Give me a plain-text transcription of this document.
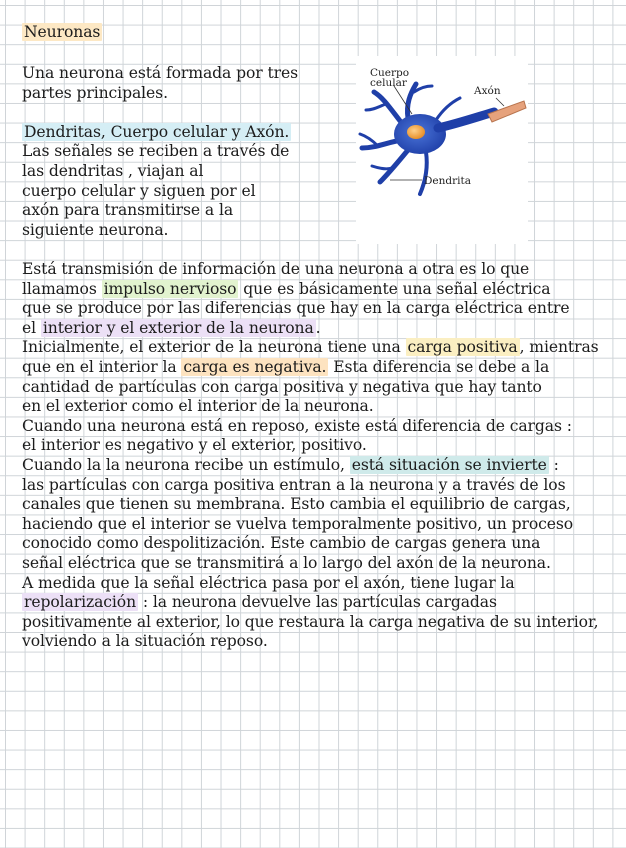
Neuronas
Una neurona está formada por tres
partes principales.
Dendritas, Cuerpo celular y Axón.
Las señales se reciben a través de
las dendritas , viajan al
cuerpo celular y siguen por el
axón para transmitirse a la
siguiente neurona.
Cuerpo
celular
Axón
Dendrita
Está transmisión de información de una neurona a otra es lo que
llamamos impulso nervioso que es básicamente una señal eléctrica
que se produce por las diferencias que hay en la carga eléctrica entre
el interior y el exterior de la neurona .
Inicialmente, el exterior de la neurona tiene una carga positiva , mientras
que en el interior la carga es negativa. Esta diferencia se debe a la
cantidad de partículas con carga positiva y negativa que hay tanto
en el exterior como el interior de la neurona.
Cuando una neurona está en reposo, existe está diferencia de cargas :
el interior es negativo y el exterior, positivo.
Cuando la la neurona recibe un estímulo, está situación se invierte :
las partículas con carga positiva entran a la neurona y a través de los
canales que tienen su membrana. Esto cambia el equilibrio de cargas,
haciendo que el interior se vuelva temporalmente positivo, un proceso
conocido como despolitización. Este cambio de cargas genera una
señal eléctrica que se transmitirá a lo largo del axón de la neurona.
A medida que la señal eléctrica pasa por el axón, tiene lugar la
repolarización : la neurona devuelve las partículas cargadas
positivamente al exterior, lo que restaura la carga negativa de su interior,
volviendo a la situación reposo.
